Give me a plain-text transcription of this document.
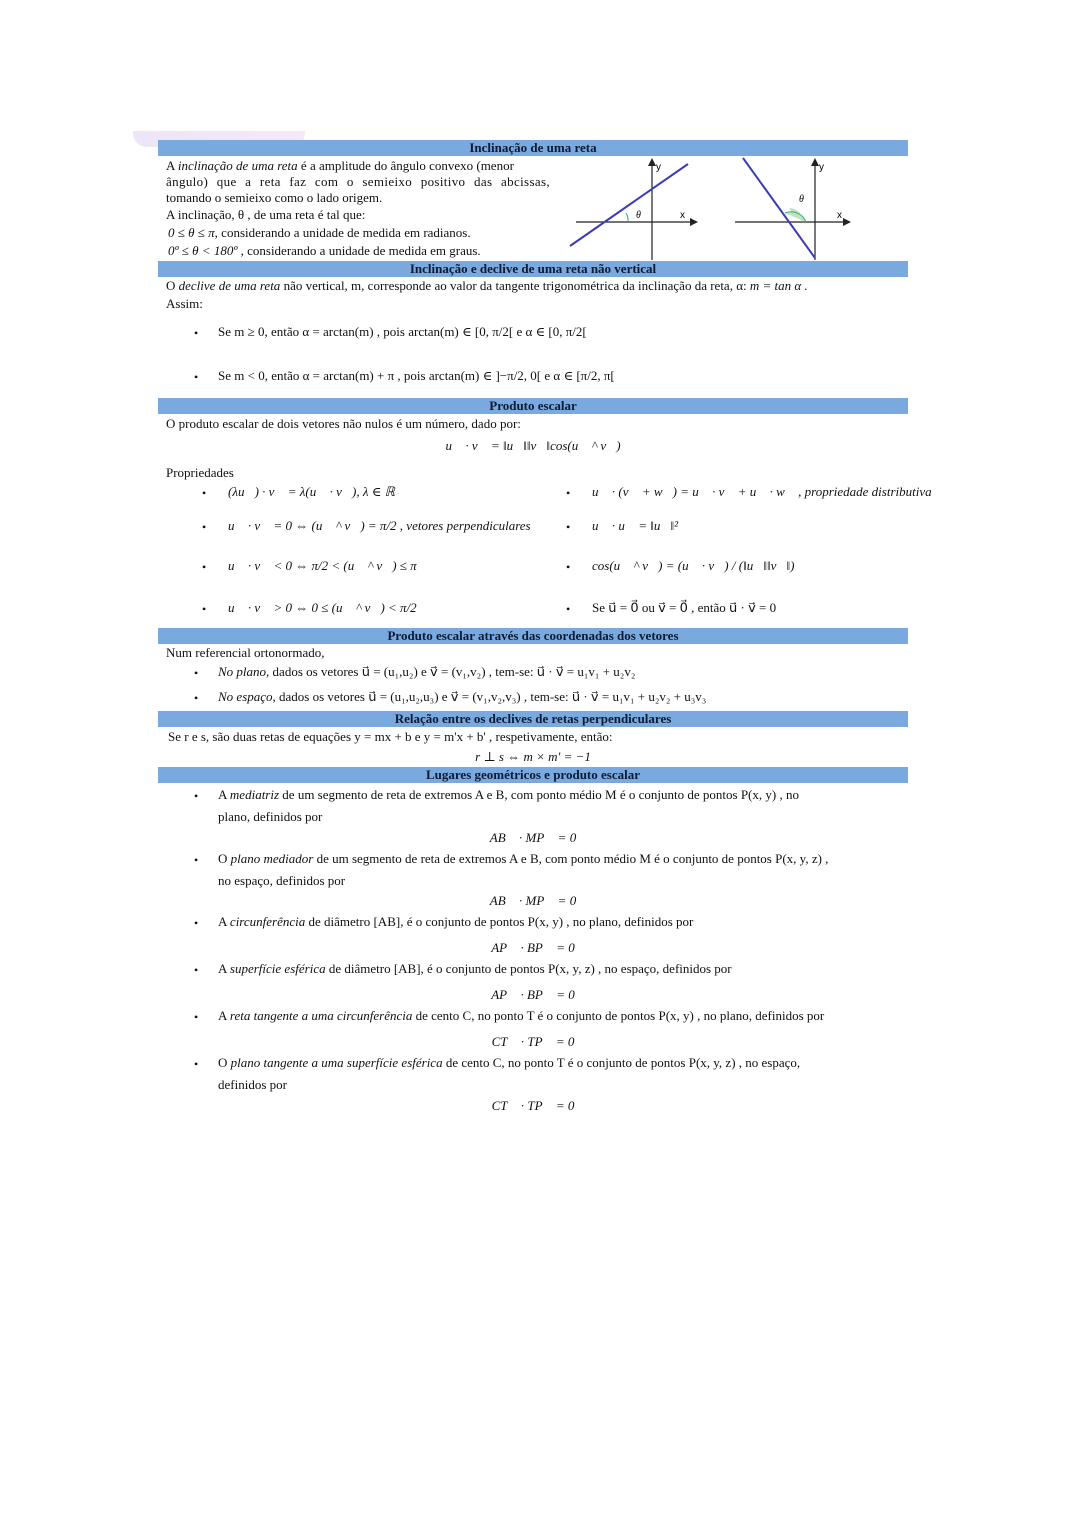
Inclinação de uma reta
A inclinação de uma reta é a amplitude do ângulo convexo (menor
ângulo) que a reta faz com o semieixo positivo das abcissas,
tomando o semieixo como o lado origem.
A inclinação, θ , de uma reta é tal que:
0 ≤ θ ≤ π, considerando a unidade de medida em radianos.
0º ≤ θ < 180º , considerando a unidade de medida em graus.
y
x
θ
y
x
θ
Inclinação e declive de uma reta não vertical
O declive de uma reta não vertical, m, corresponde ao valor da tangente trigonométrica da inclinação da reta, α: m = tan α .
Assim:
• Se m ≥ 0, então α = arctan(m) , pois arctan(m) ∈ [0, π/2[ e α ∈ [0, π/2[
• Se m < 0, então α = arctan(m) + π , pois arctan(m) ∈ ]−π/2, 0[ e α ∈ [π/2, π[
Produto escalar
O produto escalar de dois vetores não nulos é um número, dado por:
u⃗ · v⃗ = ‖u⃗‖‖v⃗‖cos(u⃗ ^ v⃗)
Propriedades
• (λu⃗) · v⃗ = λ(u⃗ · v⃗), λ ∈ ℝ
• u⃗ · v⃗ = 0 ⇔ (u⃗ ^ v⃗) = π/2 , vetores perpendiculares
• u⃗ · v⃗ < 0 ⇔ π/2 < (u⃗ ^ v⃗) ≤ π
• u⃗ · v⃗ > 0 ⇔ 0 ≤ (u⃗ ^ v⃗) < π/2
• u⃗ · (v⃗ + w⃗) = u⃗ · v⃗ + u⃗ · w⃗ , propriedade distributiva
• u⃗ · u⃗ = ‖u⃗‖²
• cos(u⃗ ^ v⃗) = (u⃗ · v⃗) / (‖u⃗‖‖v⃗‖)
• Se u⃗ = 0⃗ ou v⃗ = 0⃗ , então u⃗ · v⃗ = 0
Produto escalar através das coordenadas dos vetores
Num referencial ortonormado,
• No plano, dados os vetores u⃗ = (u₁,u₂) e v⃗ = (v₁,v₂) , tem-se: u⃗ · v⃗ = u₁v₁ + u₂v₂
• No espaço, dados os vetores u⃗ = (u₁,u₂,u₃) e v⃗ = (v₁,v₂,v₃) , tem-se: u⃗ · v⃗ = u₁v₁ + u₂v₂ + u₃v₃
Relação entre os declives de retas perpendiculares
Se r e s, são duas retas de equações y = mx + b e y = m'x + b' , respetivamente, então:
r ⊥ s ⇔ m × m' = −1
Lugares geométricos e produto escalar
• A mediatriz de um segmento de reta de extremos A e B, com ponto médio M é o conjunto de pontos P(x, y) , no
plano, definidos por
AB⃗ · MP⃗ = 0
• O plano mediador de um segmento de reta de extremos A e B, com ponto médio M é o conjunto de pontos P(x, y, z) ,
no espaço, definidos por
AB⃗ · MP⃗ = 0
• A circunferência de diâmetro [AB], é o conjunto de pontos P(x, y) , no plano, definidos por
AP⃗ · BP⃗ = 0
• A superfície esférica de diâmetro [AB], é o conjunto de pontos P(x, y, z) , no espaço, definidos por
AP⃗ · BP⃗ = 0
• A reta tangente a uma circunferência de cento C, no ponto T é o conjunto de pontos P(x, y) , no plano, definidos por
CT⃗ · TP⃗ = 0
• O plano tangente a uma superfície esférica de cento C, no ponto T é o conjunto de pontos P(x, y, z) , no espaço,
definidos por
CT⃗ · TP⃗ = 0
